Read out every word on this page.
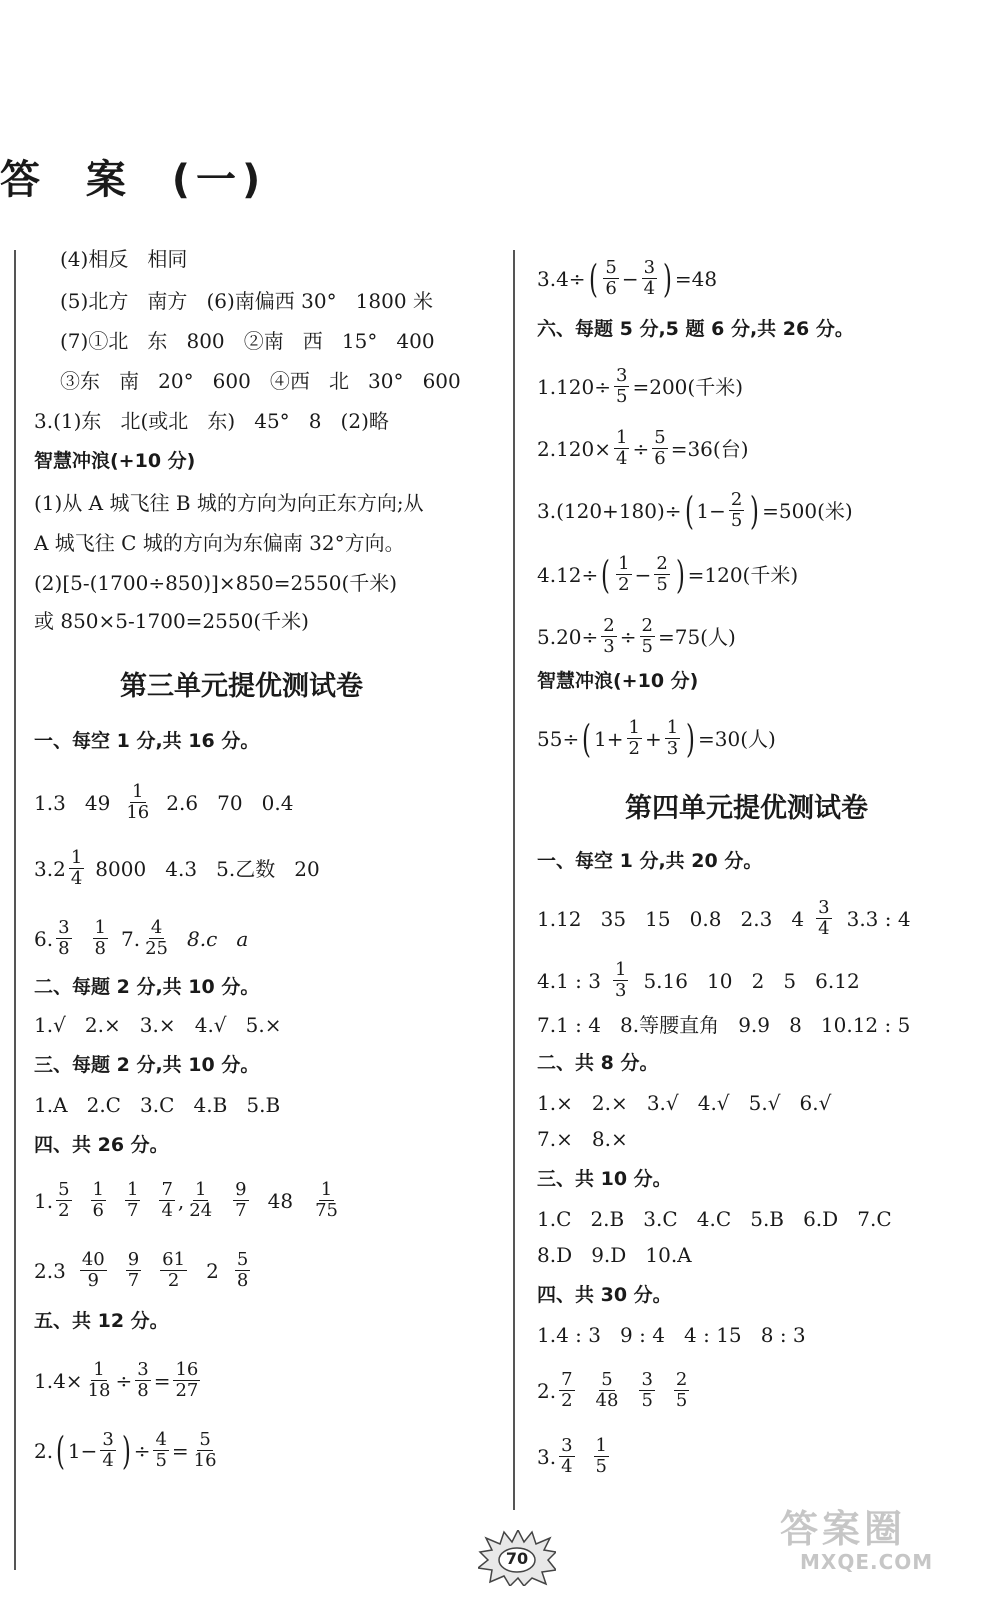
答  案  (一)
(4)相反   相同
(5)北方   南方   (6)南偏西 30°   1800 米
(7)①北   东   800   ②南   西   15°   400
③东   南   20°   600   ④西   北   30°   600
3.(1)东   北(或北   东)   45°   8   (2)略
智慧冲浪(+10 分)
(1)从 A 城飞往 B 城的方向为向正东方向;从
A 城飞往 C 城的方向为东偏南 32°方向。
(2)[5-(1700÷850)]×850=2550(千米)
或 850×5-1700=2550(千米)
第三单元提优测试卷
一、每空 1 分,共 16 分。
1.3   $49 \frac{1}{16} 2.6$   70   0.4
$3.2 \frac{1}{4} 8000$   4.3   5.乙数   20
6. $\frac{3}{8} \frac{1}{8} 7$. $\frac{4}{25} 8.c$   a
二、每题 2 分,共 10 分。
1.√   2.×   3.×   4.√   5.×
三、每题 2 分,共 10 分。
1.A   2.C   3.C   4.B   5.B
四、共 26 分。
1. $\frac{5}{2} \frac{1}{6} \frac{1}{7} \frac{7}{4}$ , $\frac{1}{24} \frac{9}{7} 48 \frac{1}{75}$
$2.3 \frac{40}{9} \frac{9}{7} \frac{61}{2} 2 \frac{5}{8}$
五、共 12 分。
$1.4\times \frac{1}{18} \div \frac{3}{8} = \frac{16}{27}$
2. ( $1- \frac{3}{4}$ ) ÷ $\frac{4}{5} = \frac{5}{16}$
3.4÷ ( $\frac{5}{6} - \frac{3}{4}$ ) =48
六、每题 5 分,5 题 6 分,共 26 分。
$1.120\div \frac{3}{5} =200$(千米)
$2.120\times \frac{1}{4} \div \frac{5}{6} =36$(台)
3.(120+180)÷ ( $1- \frac{2}{5}$ ) =500(米)
4.12÷ ( $\frac{1}{2} - \frac{2}{5}$ ) =120(千米)
$5.20\div \frac{2}{3} \div \frac{2}{5} =75$(人)
智慧冲浪(+10 分)
55÷ ( $1+ \frac{1}{2} + \frac{1}{3}$ ) =30(人)
第四单元提优测试卷
一、每空 1 分,共 20 分。
1.12   35   15   0.8   2.3   $4 \frac{3}{4} 3.3$ : 4
4.1 : $3 \frac{1}{3} 5.16$   10   2   5   6.12
7.1 : 4   8.等腰直角   9.9   8   10.12 : 5
二、共 8 分。
1.×   2.×   3.√   4.√   5.√   6.√
7.×   8.×
三、共 10 分。
1.C   2.B   3.C   4.C   5.B   6.D   7.C
8.D   9.D   10.A
四、共 30 分。
1.4 : 3   9 : 4   4 : 15   8 : 3
2. $\frac{7}{2} \frac{5}{48} \frac{3}{5} \frac{2}{5}$
3. $\frac{3}{4} \frac{1}{5}$
70
答案圈
MXQE.COM
